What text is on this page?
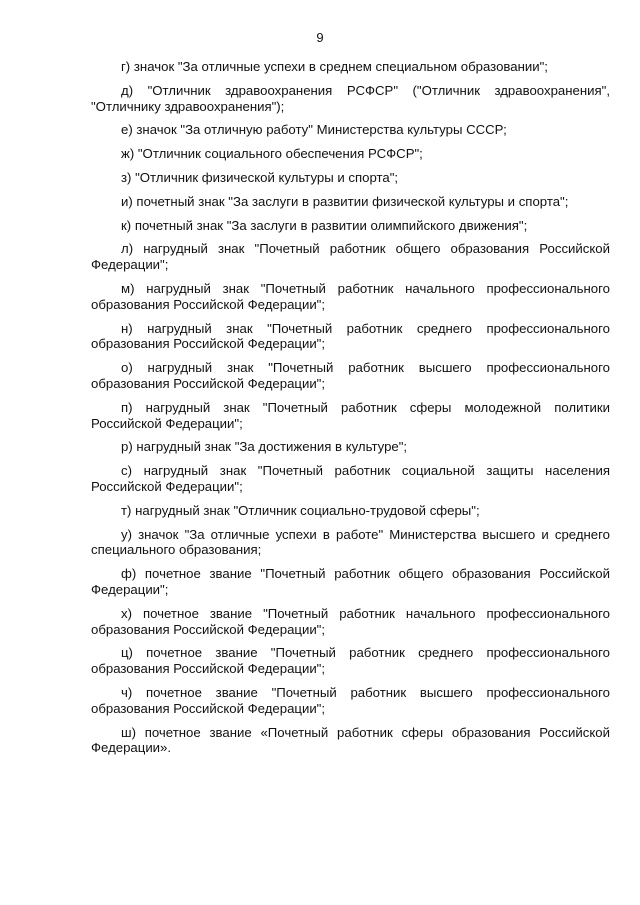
9
г) значок "За отличные успехи в среднем специальном образовании";
д) "Отличник здравоохранения РСФСР" ("Отличник здравоохранения", "Отличнику здравоохранения");
е) значок "За отличную работу" Министерства культуры СССР;
ж) "Отличник социального обеспечения РСФСР";
з) "Отличник физической культуры и спорта";
и) почетный знак "За заслуги в развитии физической культуры и спорта";
к) почетный знак "За заслуги в развитии олимпийского движения";
л) нагрудный знак "Почетный работник общего образования Российской Федерации";
м) нагрудный знак "Почетный работник начального профессионального образования Российской Федерации";
н) нагрудный знак "Почетный работник среднего профессионального образования Российской Федерации";
о) нагрудный знак "Почетный работник высшего профессионального образования Российской Федерации";
п) нагрудный знак "Почетный работник сферы молодежной политики Российской Федерации";
р) нагрудный знак "За достижения в культуре";
с) нагрудный знак "Почетный работник социальной защиты населения Российской Федерации";
т) нагрудный знак "Отличник социально-трудовой сферы";
у) значок "За отличные успехи в работе" Министерства высшего и среднего специального образования;
ф) почетное звание "Почетный работник общего образования Российской Федерации";
х) почетное звание "Почетный работник начального профессионального образования Российской Федерации";
ц) почетное звание "Почетный работник среднего профессионального образования Российской Федерации";
ч) почетное звание "Почетный работник высшего профессионального образования Российской Федерации";
ш) почетное звание «Почетный работник сферы образования Российской Федерации».
